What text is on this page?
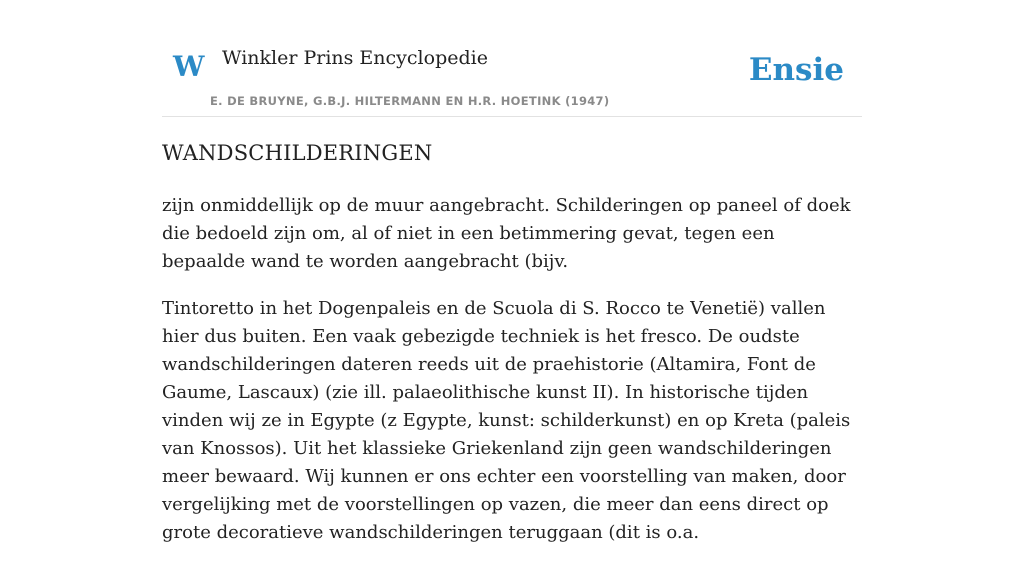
W Winkler Prins Encyclopedie
E. DE BRUYNE, G.B.J. HILTERMANN EN H.R. HOETINK (1947)
Ensie
WANDSCHILDERINGEN

zijn onmiddellijk op de muur aangebracht. Schilderingen op paneel of doek die bedoeld zijn om, al of niet in een betimmering gevat, tegen een bepaalde wand te worden aangebracht (bijv.

Tintoretto in het Dogenpaleis en de Scuola di S. Rocco te Venetië) vallen hier dus buiten. Een vaak gebezigde techniek is het fresco. De oudste wandschilderingen dateren reeds uit de praehistorie (Altamira, Font de Gaume, Lascaux) (zie ill. palaeolithische kunst II). In historische tijden vinden wij ze in Egypte (z Egypte, kunst: schilderkunst) en op Kreta (paleis van Knossos). Uit het klassieke Griekenland zijn geen wandschilderingen meer bewaard. Wij kunnen er ons echter een voorstelling van maken, door vergelijking met de voorstellingen op vazen, die meer dan eens direct op grote decoratieve wandschilderingen teruggaan (dit is o.a.
